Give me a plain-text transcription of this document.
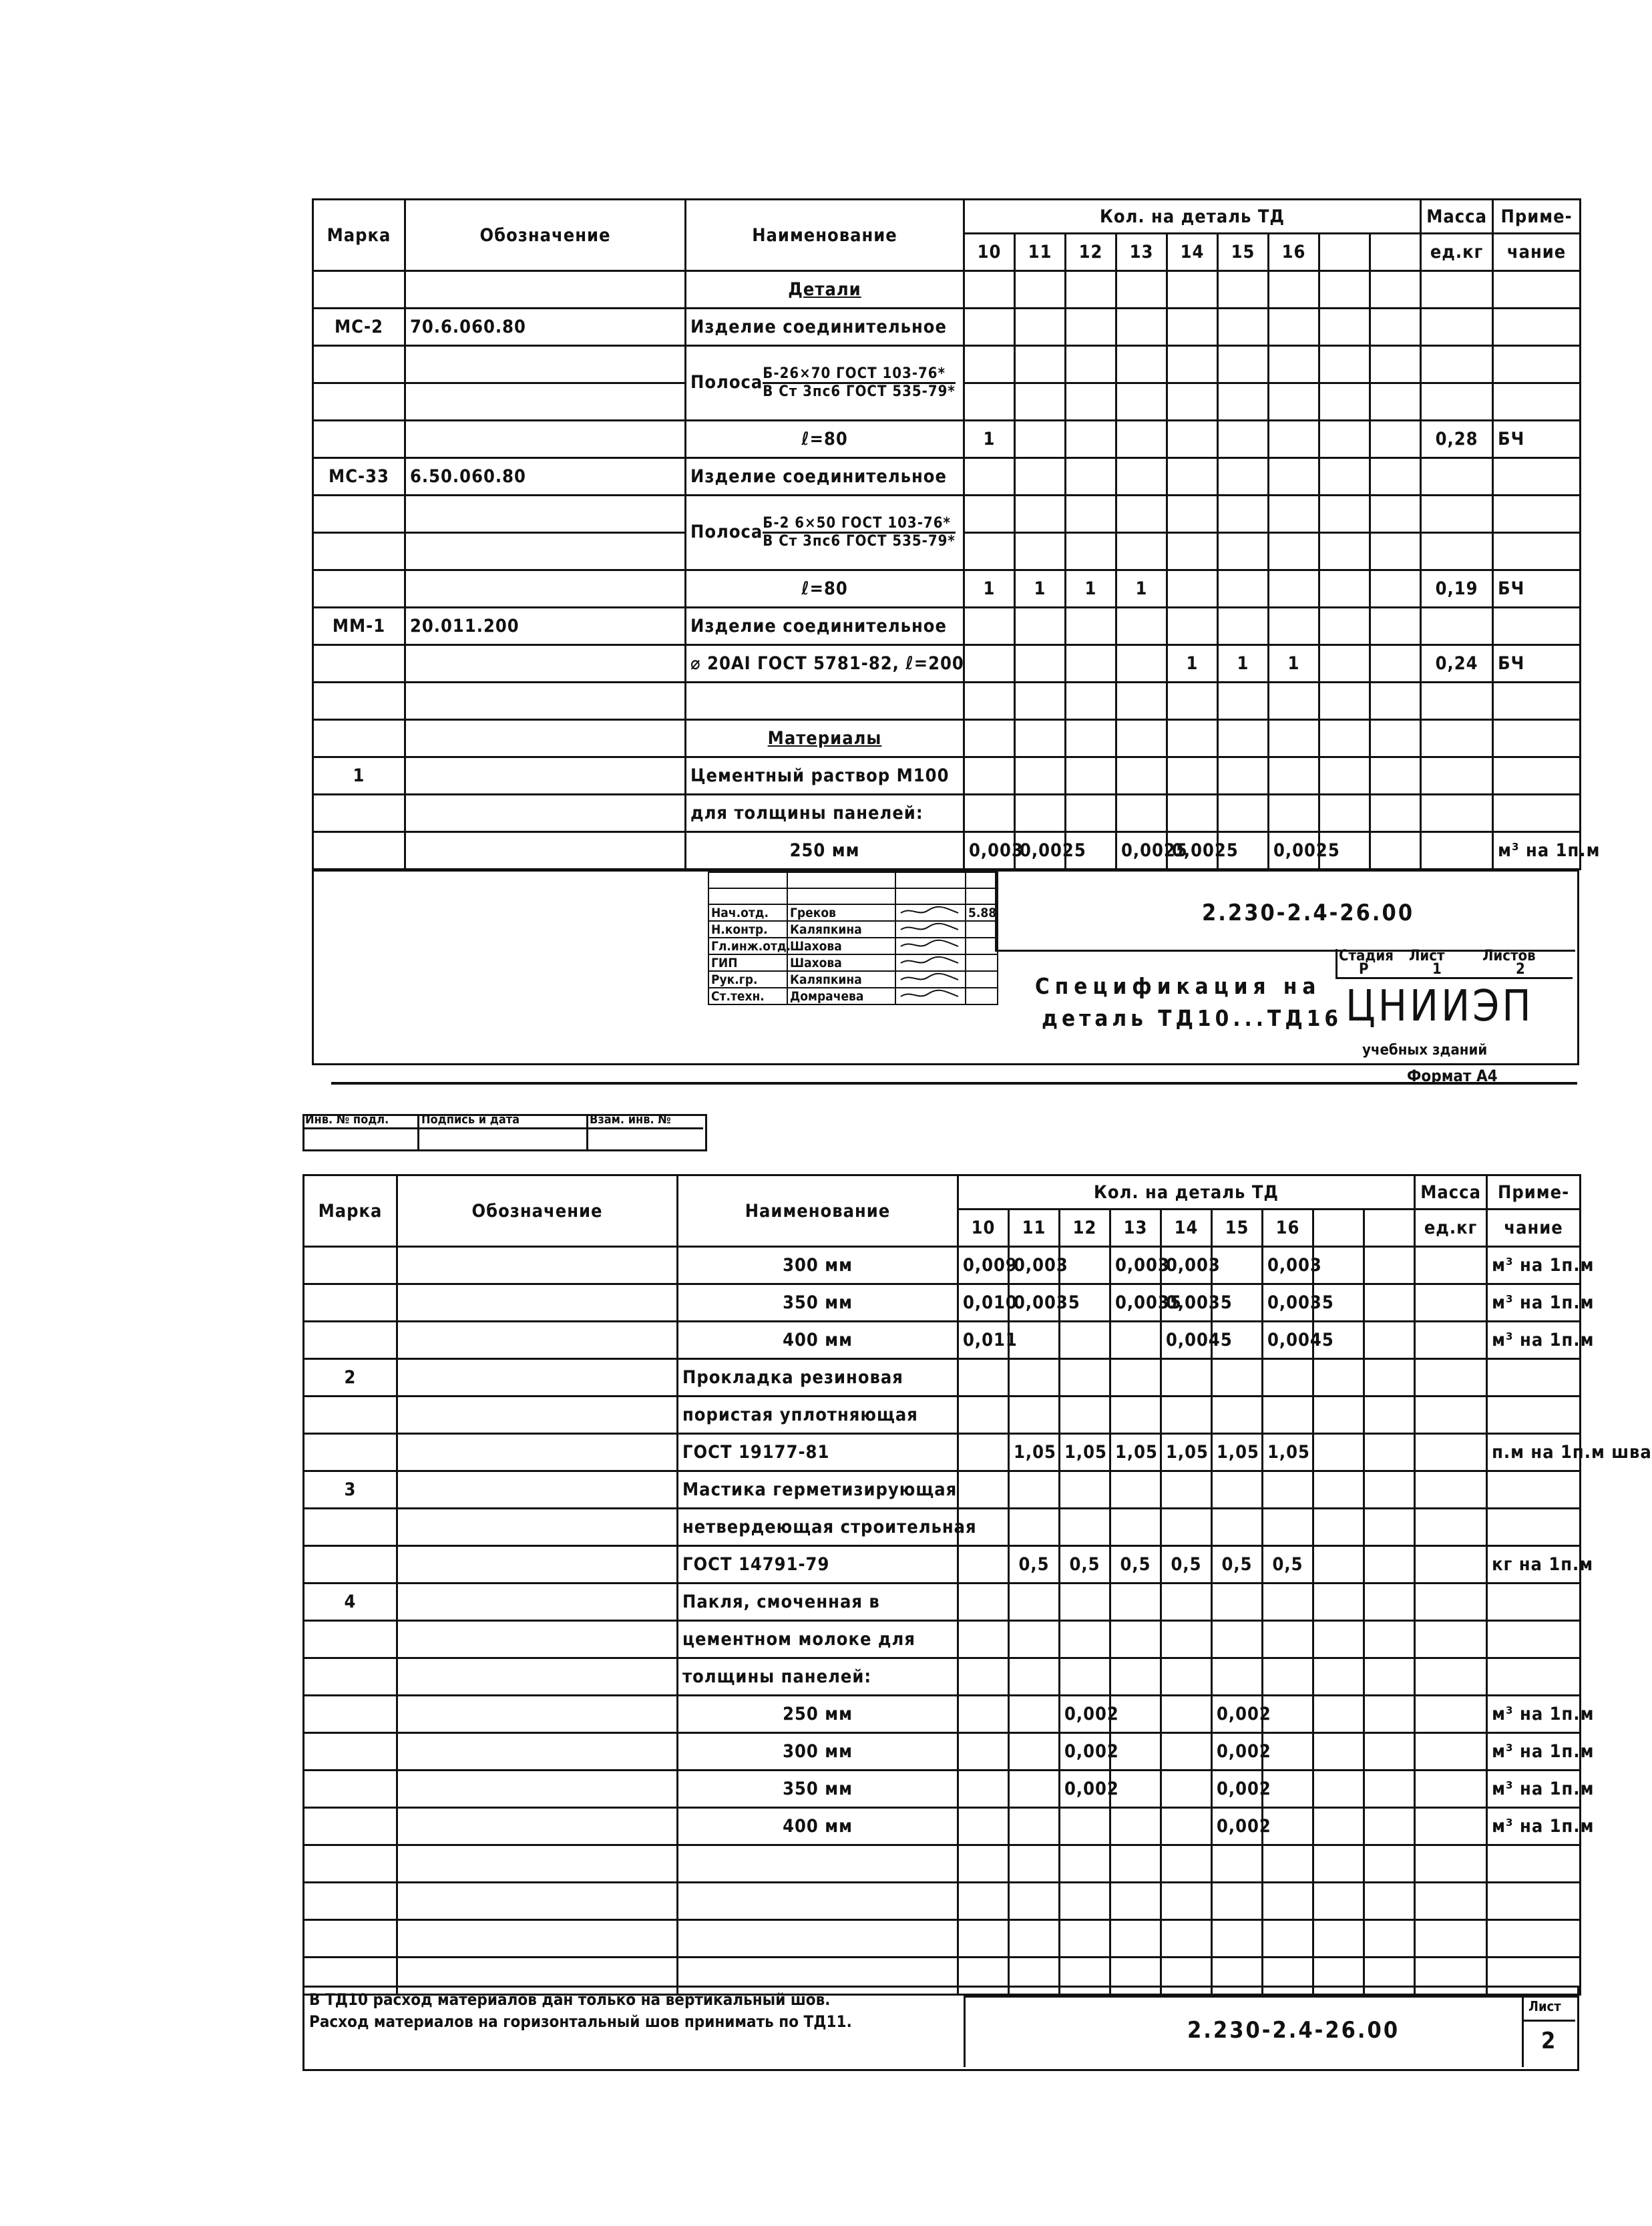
Марка	Обозначение	Наименование	Кол. на деталь ТД									Масса	Приме-
			10	11	12	13	14	15	16			ед.кг	чание
		Детали											
МС-2	70.6.060.80	Изделие соединительное											
		Полоса $\frac{\text{Б-26×70 ГОСТ 103-76*}}{\text{В Ст 3пс6 ГОСТ 535-79*}}$

		ℓ=80	1									0,28	БЧ
МС-33	6.50.060.80	Изделие соединительное											
		Полоса $\frac{\text{Б-2 6×50 ГОСТ 103-76*}}{\text{В Ст 3пс6 ГОСТ 535-79*}}$

		ℓ=80	1	1	1	1						0,19	БЧ
ММ-1	20.011.200	Изделие соединительное											
		⌀ 20АI ГОСТ 5781-82, ℓ=200					1	1	1			0,24	БЧ

		Материалы											
1		Цементный раствор М100											
		для толщины панелей:											
		250 мм	0,003	0,0025		0,0025	0,0025		0,0025				м³ на 1п.м

Нач.отд.	Греков		5.88
Н.контр.	Каляпкина		
Гл.инж.отд.	Шахова		
ГИП	Шахова		
Рук.гр.	Каляпкина		
Ст.техн.	Домрачева		
2.230-2.4-26.00
Спецификация на
деталь ТД10...ТД16
Стадия Лист	Листов
Р	1	2
ЦНИИЭП
учебных зданий
Формат А4
Инв. № подл.	Подпись и дата	Взам. инв. №
Марка	Обозначение	Наименование	Кол. на деталь ТД									Масса	Приме-
			10	11	12	13	14	15	16			ед.кг	чание
		300 мм	0,009	0,003		0,003	0,003		0,003				м³ на 1п.м
		350 мм	0,010	0,0035		0,0035	0,0035		0,0035				м³ на 1п.м
		400 мм	0,011				0,0045		0,0045				м³ на 1п.м
2		Прокладка резиновая											
		пористая уплотняющая											
		ГОСТ 19177-81		1,05	1,05	1,05	1,05	1,05	1,05				п.м на 1п.м шва
3		Мастика герметизирующая											
		нетвердеющая строительная											
		ГОСТ 14791-79		0,5	0,5	0,5	0,5	0,5	0,5				кг на 1п.м
4		Пакля, смоченная в											
		цементном молоке для											
		толщины панелей:											
		250 мм			0,002			0,002					м³ на 1п.м
		300 мм			0,002			0,002					м³ на 1п.м
		350 мм			0,002			0,002					м³ на 1п.м
		400 мм						0,002					м³ на 1п.м

В ТД10 расход материалов дан только на вертикальный шов.
Расход материалов на горизонтальный шов принимать по ТД11.	2.230-2.4-26.00
Лист
2
